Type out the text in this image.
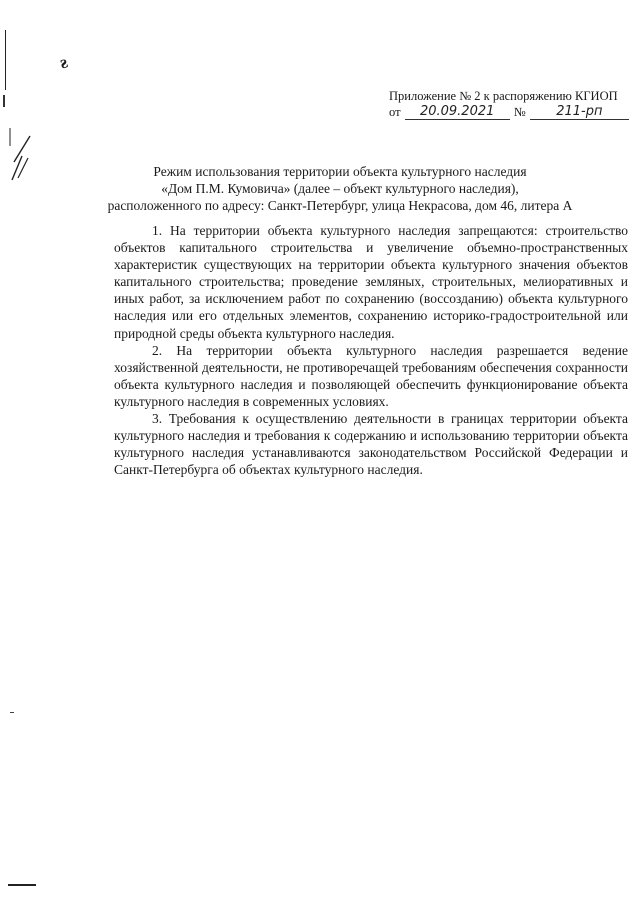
ƨ
Приложение № 2 к распоряжению КГИОП
от	20.09.2021	№	211-рп
Режим использования территории объекта культурного наследия
«Дом П.М. Кумовича» (далее – объект культурного наследия),
расположенного по адресу: Санкт-Петербург, улица Некрасова, дом 46, литера А

1. На территории объекта культурного наследия запрещаются: строительство объектов капитального строительства и увеличение объемно-пространственных характеристик существующих на территории объекта культурного значения объектов капитального строительства; проведение земляных, строительных, мелиоративных и иных работ, за исключением работ по сохранению (воссозданию) объекта культурного наследия или его отдельных элементов, сохранению историко-градостроительной или природной среды объекта культурного наследия.

2. На территории объекта культурного наследия разрешается ведение хозяйственной деятельности, не противоречащей требованиям обеспечения сохранности объекта культурного наследия и позволяющей обеспечить функционирование объекта культурного наследия в современных условиях.

3. Требования к осуществлению деятельности в границах территории объекта культурного наследия и требования к содержанию и использованию территории объекта культурного наследия устанавливаются законодательством Российской Федерации и Санкт-Петербурга об объектах культурного наследия.
